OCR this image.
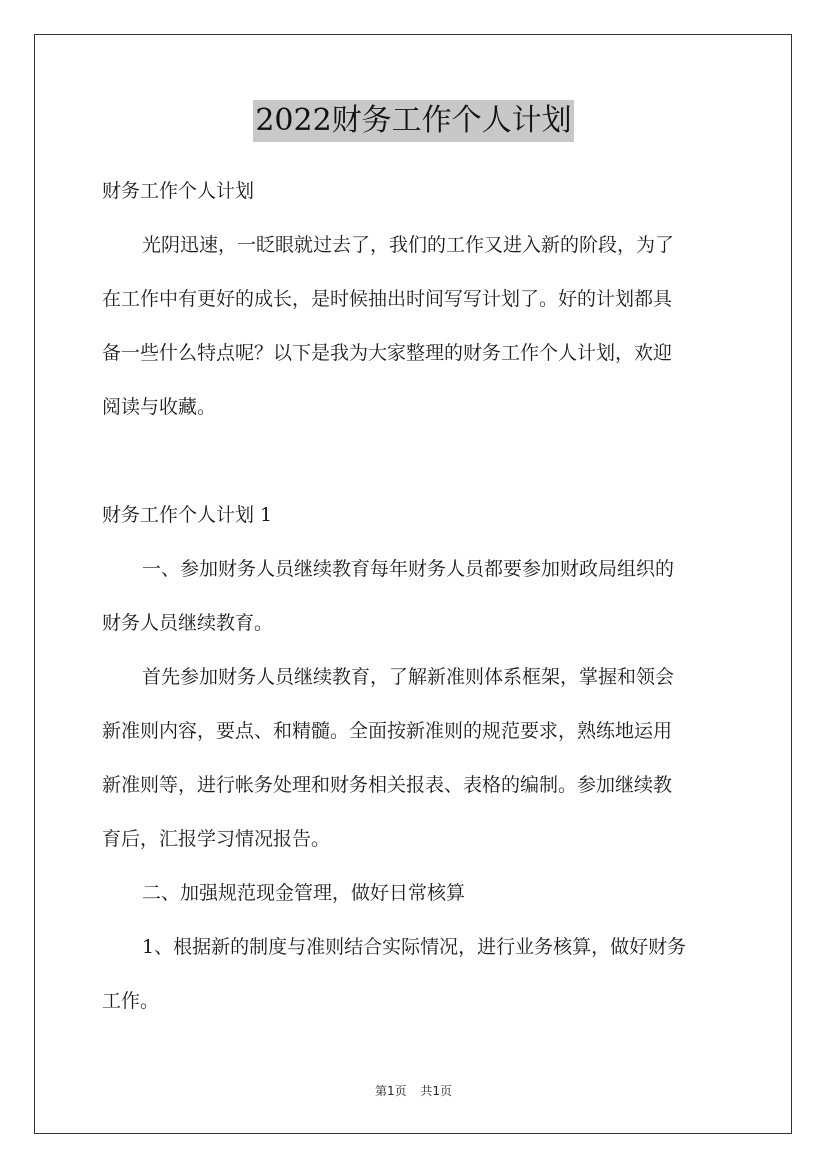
2022财务工作个人计划
财务工作个人计划
光阴迅速，一眨眼就过去了，我们的工作又进入新的阶段，为了
在工作中有更好的成长，是时候抽出时间写写计划了。好的计划都具
备一些什么特点呢？以下是我为大家整理的财务工作个人计划，欢迎
阅读与收藏。
财务工作个人计划 1
一、参加财务人员继续教育每年财务人员都要参加财政局组织的
财务人员继续教育。
首先参加财务人员继续教育，了解新准则体系框架，掌握和领会
新准则内容，要点、和精髓。全面按新准则的规范要求，熟练地运用
新准则等，进行帐务处理和财务相关报表、表格的编制。参加继续教
育后，汇报学习情况报告。
二、加强规范现金管理，做好日常核算
1、根据新的制度与准则结合实际情况，进行业务核算，做好财务
工作。
第1页 共1页
